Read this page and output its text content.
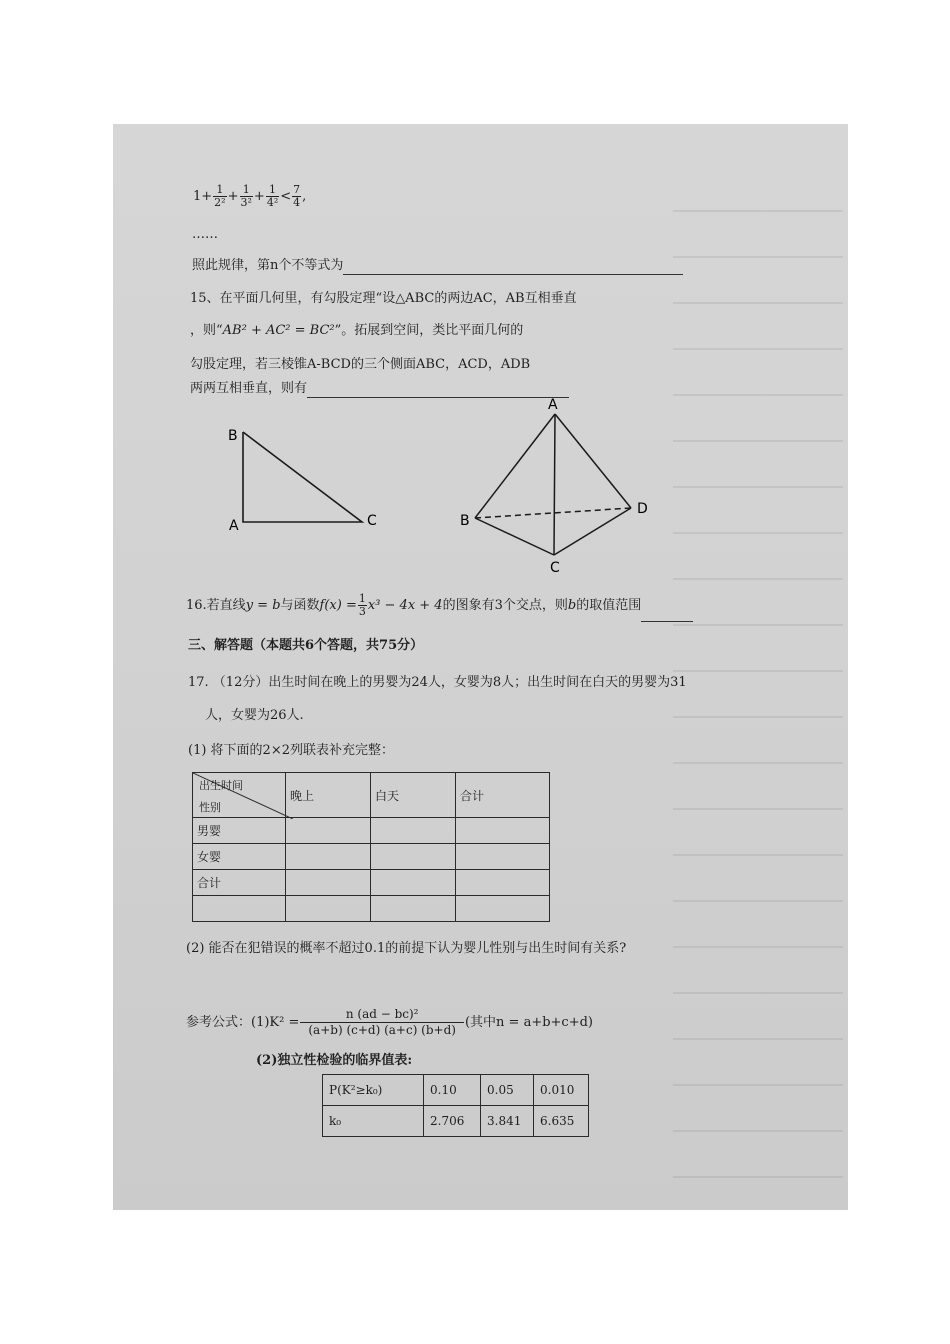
$1+ \frac{1}{\text{2²}} + \frac{1}{\text{3²}} + \frac{1}{\text{4²}} < \frac{7}{4}$ ,
……
照此规律，第n个不等式为
15、在平面几何里，有勾股定理“设△ABC的两边AC，AB互相垂直
，则“AB² + AC² = BC²”。拓展到空间，类比平面几何的
勾股定理，若三棱锥A-BCD的三个侧面ABC，ACD，ADB
两两互相垂直，则有
B
A	C
A
B
C
D
16.若直线y = b与函数$f(x) = \frac{1}{3} x^3 - 4x + 4$的图象有3个交点，则b的取值范围
三、解答题（本题共6个答题，共75分）
17. （12分）出生时间在晚上的男婴为24人，女婴为8人；出生时间在白天的男婴为31
人，女婴为26人.
(1) 将下面的2×2列联表补充完整：
出生时间
性别	晚上	白天	合计
男婴			
女婴			
合计			

(2) 能否在犯错误的概率不超过0.1的前提下认为婴儿性别与出生时间有关系?
参考公式：$(1)K^2 = \frac{\text{n (ad − bc)²}}{(a+b) (c+d) (a+c) (b+d)}$ (其中n = a+b+c+d)
(2)独立性检验的临界值表:
P(K²≥k₀)	0.10	0.05	0.010
k₀	2.706	3.841	6.635
